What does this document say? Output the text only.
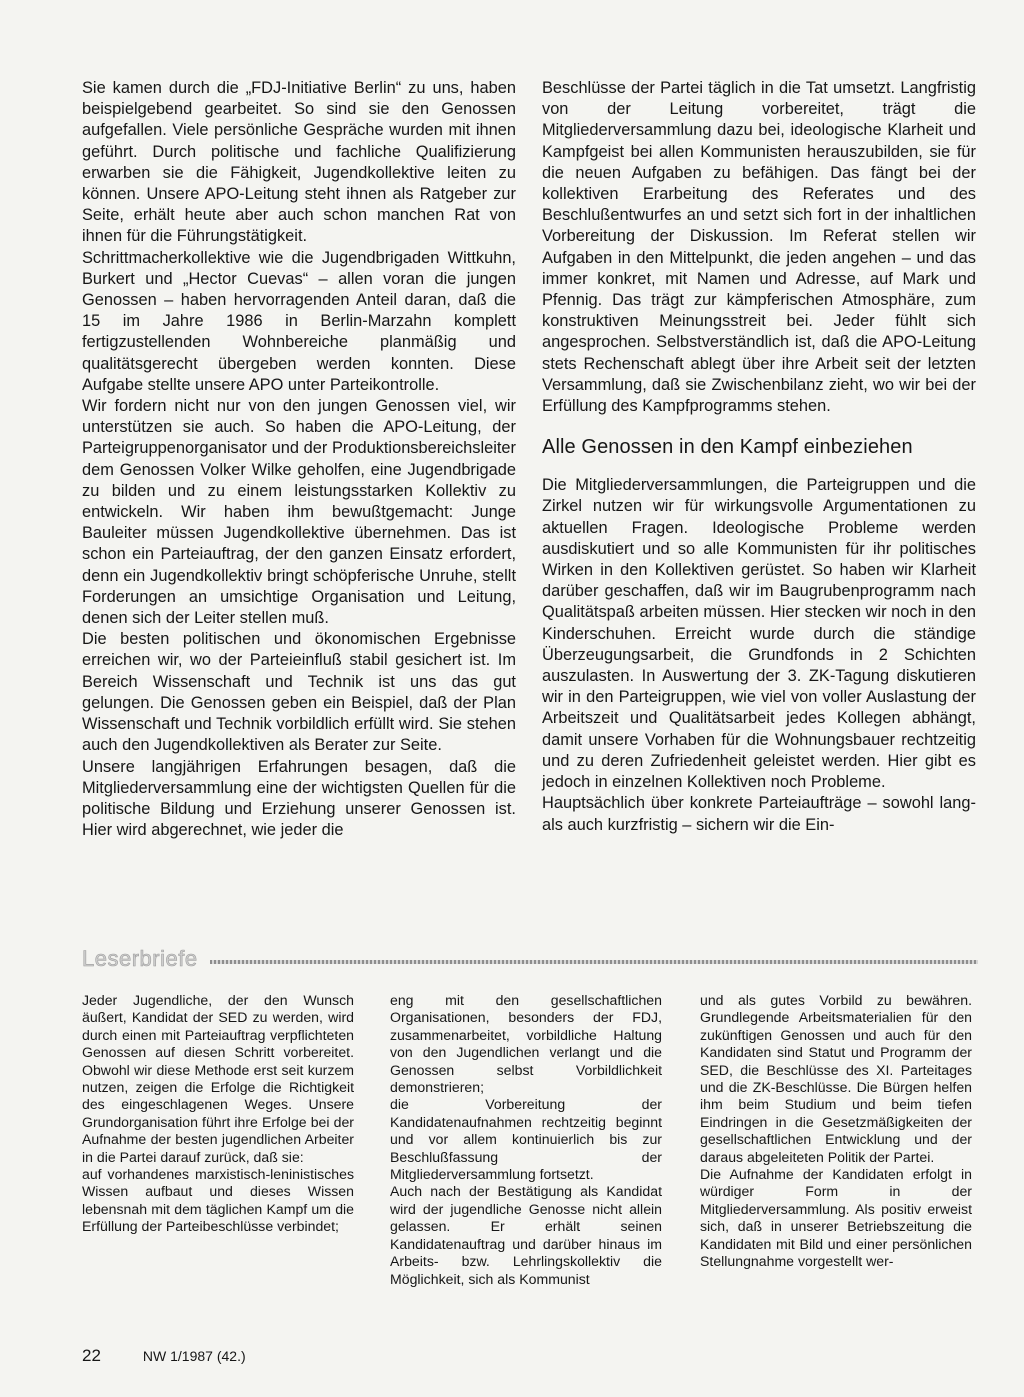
Sie kamen durch die „FDJ-Initiative Berlin“ zu uns, haben beispielgebend gearbeitet. So sind sie den Genossen aufgefallen. Viele persönliche Gespräche wurden mit ihnen geführt. Durch politische und fachliche Qualifizierung erwarben sie die Fähigkeit, Jugendkollektive leiten zu können. Unsere APO-Leitung steht ihnen als Ratgeber zur Seite, erhält heute aber auch schon manchen Rat von ihnen für die Führungstätigkeit.

Schrittmacherkollektive wie die Jugendbrigaden Wittkuhn, Burkert und „Hector Cuevas“ – allen voran die jungen Genossen – haben hervorragenden Anteil daran, daß die 15 im Jahre 1986 in Berlin-Marzahn komplett fertigzustellenden Wohnbereiche planmäßig und qualitätsgerecht übergeben werden konnten. Diese Aufgabe stellte unsere APO unter Parteikontrolle.

Wir fordern nicht nur von den jungen Genossen viel, wir unterstützen sie auch. So haben die APO-Leitung, der Parteigruppenorganisator und der Produktionsbereichsleiter dem Genossen Volker Wilke geholfen, eine Jugendbrigade zu bilden und zu einem leistungsstarken Kollektiv zu entwickeln. Wir haben ihm bewußtgemacht: Junge Bauleiter müssen Jugendkollektive übernehmen. Das ist schon ein Parteiauftrag, der den ganzen Einsatz erfordert, denn ein Jugendkollektiv bringt schöpferische Unruhe, stellt Forderungen an umsichtige Organisation und Leitung, denen sich der Leiter stellen muß.

Die besten politischen und ökonomischen Ergebnisse erreichen wir, wo der Parteieinfluß stabil gesichert ist. Im Bereich Wissenschaft und Technik ist uns das gut gelungen. Die Genossen geben ein Beispiel, daß der Plan Wissenschaft und Technik vorbildlich erfüllt wird. Sie stehen auch den Jugendkollektiven als Berater zur Seite.

Unsere langjährigen Erfahrungen besagen, daß die Mitgliederversammlung eine der wichtigsten Quellen für die politische Bildung und Erziehung unserer Genossen ist. Hier wird abgerechnet, wie jeder die

Beschlüsse der Partei täglich in die Tat umsetzt. Langfristig von der Leitung vorbereitet, trägt die Mitgliederversammlung dazu bei, ideologische Klarheit und Kampfgeist bei allen Kommunisten herauszubilden, sie für die neuen Aufgaben zu befähigen. Das fängt bei der kollektiven Erarbeitung des Referates und des Beschlußentwurfes an und setzt sich fort in der inhaltlichen Vorbereitung der Diskussion. Im Referat stellen wir Aufgaben in den Mittelpunkt, die jeden angehen – und das immer konkret, mit Namen und Adresse, auf Mark und Pfennig. Das trägt zur kämpferischen Atmosphäre, zum konstruktiven Meinungsstreit bei. Jeder fühlt sich angesprochen. Selbstverständlich ist, daß die APO-Leitung stets Rechenschaft ablegt über ihre Arbeit seit der letzten Versammlung, daß sie Zwischenbilanz zieht, wo wir bei der Erfüllung des Kampfprogramms stehen.

Alle Genossen in den Kampf einbeziehen

Die Mitgliederversammlungen, die Parteigruppen und die Zirkel nutzen wir für wirkungsvolle Argumentationen zu aktuellen Fragen. Ideologische Probleme werden ausdiskutiert und so alle Kommunisten für ihr politisches Wirken in den Kollektiven gerüstet. So haben wir Klarheit darüber geschaffen, daß wir im Baugrubenprogramm nach Qualitätspaß arbeiten müssen. Hier stecken wir noch in den Kinderschuhen. Erreicht wurde durch die ständige Überzeugungsarbeit, die Grundfonds in 2 Schichten auszulasten. In Auswertung der 3. ZK-Tagung diskutieren wir in den Parteigruppen, wie viel von voller Auslastung der Arbeitszeit und Qualitätsarbeit jedes Kollegen abhängt, damit unsere Vorhaben für die Wohnungsbauer rechtzeitig und zu deren Zufriedenheit geleistet werden. Hier gibt es jedoch in einzelnen Kollektiven noch Probleme.

Hauptsächlich über konkrete Parteiaufträge – sowohl lang- als auch kurzfristig – sichern wir die Ein-

Leserbriefe

Jeder Jugendliche, der den Wunsch äußert, Kandidat der SED zu werden, wird durch einen mit Parteiauftrag verpflichteten Genossen auf diesen Schritt vorbereitet. Obwohl wir diese Methode erst seit kurzem nutzen, zeigen die Erfolge die Richtigkeit des eingeschlagenen Weges. Unsere Grundorganisation führt ihre Erfolge bei der Aufnahme der besten jugendlichen Arbeiter in die Partei darauf zurück, daß sie:

auf vorhandenes marxistisch-leninistisches Wissen aufbaut und dieses Wissen lebensnah mit dem täglichen Kampf um die Erfüllung der Parteibeschlüsse verbindet;

eng mit den gesellschaftlichen Organisationen, besonders der FDJ, zusammenarbeitet, vorbildliche Haltung von den Jugendlichen verlangt und die Genossen selbst Vorbildlichkeit demonstrieren;

die Vorbereitung der Kandidatenaufnahmen rechtzeitig beginnt und vor allem kontinuierlich bis zur Beschlußfassung der Mitgliederversammlung fortsetzt.

Auch nach der Bestätigung als Kandidat wird der jugendliche Genosse nicht allein gelassen. Er erhält seinen Kandidatenauftrag und darüber hinaus im Arbeits- bzw. Lehrlingskollektiv die Möglichkeit, sich als Kommunist

und als gutes Vorbild zu bewähren. Grundlegende Arbeitsmaterialien für den zukünftigen Genossen und auch für den Kandidaten sind Statut und Programm der SED, die Beschlüsse des XI. Parteitages und die ZK-Beschlüsse. Die Bürgen helfen ihm beim Studium und beim tiefen Eindringen in die Gesetzmäßigkeiten der gesellschaftlichen Entwicklung und der daraus abgeleiteten Politik der Partei.

Die Aufnahme der Kandidaten erfolgt in würdiger Form in der Mitgliederversammlung. Als positiv erweist sich, daß in unserer Betriebszeitung die Kandidaten mit Bild und einer persönlichen Stellungnahme vorgestellt wer-

22	NW 1/1987 (42.)
